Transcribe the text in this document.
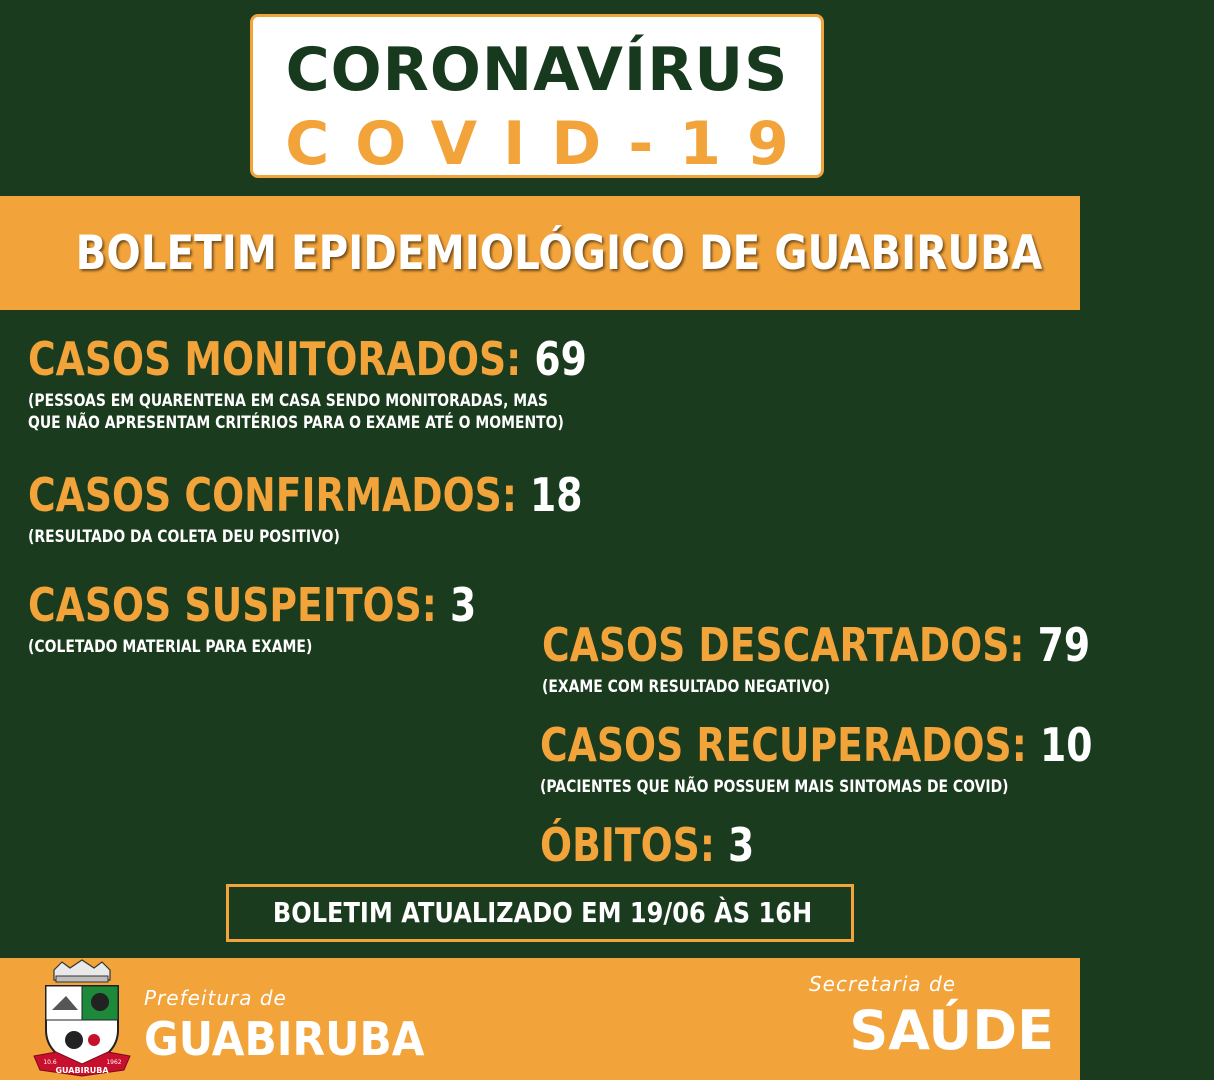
CORONAVÍRUS
COVID-19
BOLETIM EPIDEMIOLÓGICO DE GUABIRUBA
CASOS MONITORADOS: 69
(PESSOAS EM QUARENTENA EM CASA SENDO MONITORADAS, MAS
QUE NÃO APRESENTAM CRITÉRIOS PARA O EXAME ATÉ O MOMENTO)
CASOS CONFIRMADOS: 18
(RESULTADO DA COLETA DEU POSITIVO)
CASOS SUSPEITOS: 3
(COLETADO MATERIAL PARA EXAME)	CASOS DESCARTADOS: 79
(EXAME COM RESULTADO NEGATIVO)
CASOS RECUPERADOS: 10
(PACIENTES QUE NÃO POSSUEM MAIS SINTOMAS DE COVID)
ÓBITOS: 3
BOLETIM ATUALIZADO EM 19/06 ÀS 16H
GUABIRUBA
10.6	1962
Prefeitura de
GUABIRUBA
Secretaria de
SAÚDE
